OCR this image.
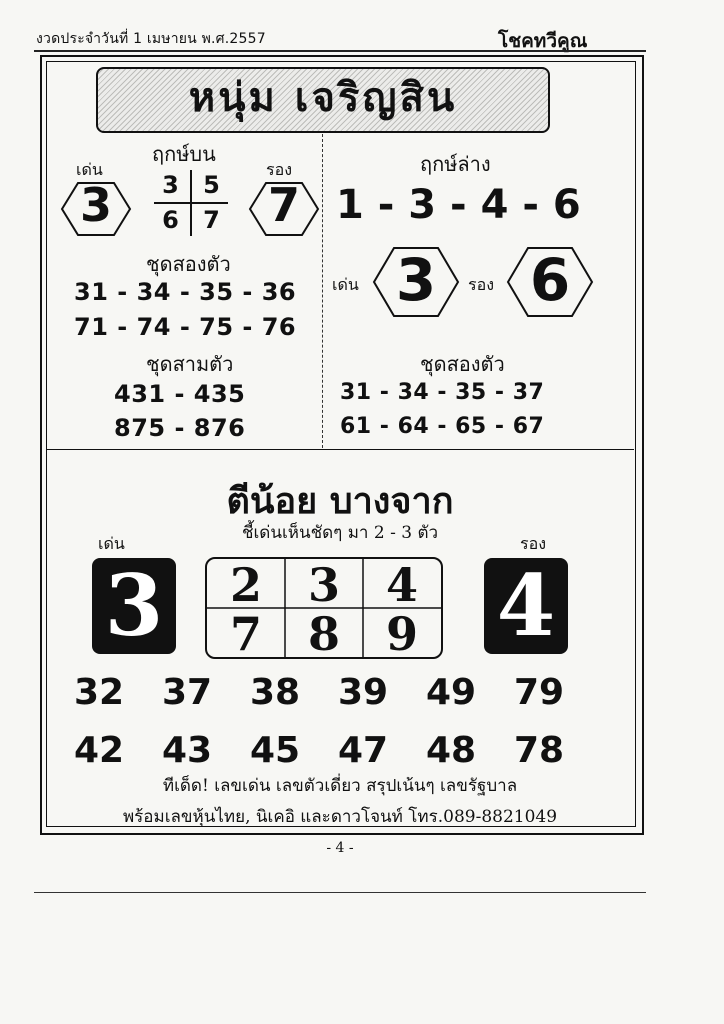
งวดประจำวันที่ 1 เมษายน พ.ศ.2557	โชคทวีคูณ
หนุ่ม เจริญสิน
ฤกษ์บน
เด่น	รอง
3	7
3	5
6	7
ชุดสองตัว
31 - 34 - 35 - 36
71 - 74 - 75 - 76
ชุดสามตัว
431 - 435
875 - 876
ฤกษ์ล่าง
1 - 3 - 4 - 6
เด่น 3	รอง 6
ชุดสองตัว
31 - 34 - 35 - 37
61 - 64 - 65 - 67
ตีน้อย บางจาก
ชี้เด่นเห็นชัดๆ มา 2 - 3 ตัว
เด่น	รอง
3	4
2 3 4
7 8 9
32 37 38 39 49 79
42 43 45 47 48 78
ทีเด็ด! เลขเด่น เลขตัวเดี่ยว สรุปเน้นๆ เลขรัฐบาล
พร้อมเลขหุ้นไทย, นิเคอิ และดาวโจนท์ โทร.089-8821049
- 4 -
